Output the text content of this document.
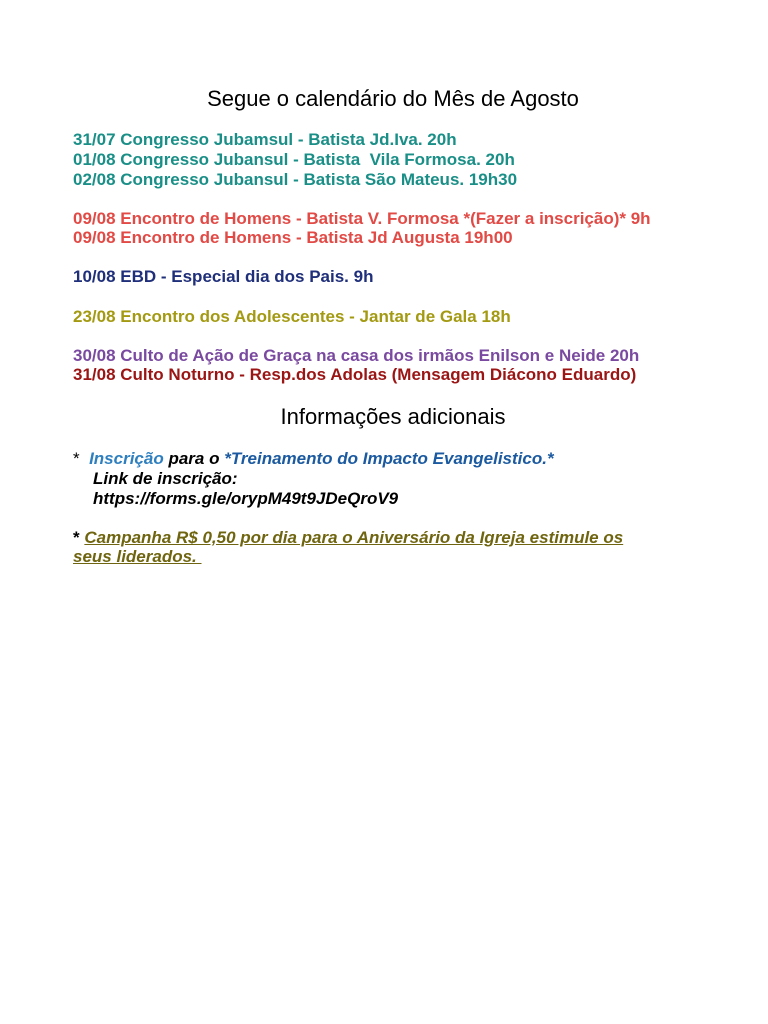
Segue o calendário do Mês de Agosto
31/07 Congresso Jubamsul - Batista Jd.Iva. 20h
01/08 Congresso Jubansul - Batista  Vila Formosa. 20h
02/08 Congresso Jubansul - Batista São Mateus. 19h30
09/08 Encontro de Homens - Batista V. Formosa *(Fazer a inscrição)* 9h
09/08 Encontro de Homens - Batista Jd Augusta 19h00
10/08 EBD - Especial dia dos Pais. 9h
23/08 Encontro dos Adolescentes - Jantar de Gala 18h
30/08 Culto de Ação de Graça na casa dos irmãos Enilson e Neide 20h
31/08 Culto Noturno - Resp.dos Adolas (Mensagem Diácono Eduardo)
Informações adicionais
* Inscrição para o *Treinamento do Impacto Evangelistico.*
Link de inscrição:
https://forms.gle/orypM49t9JDeQroV9
* Campanha R$ 0,50 por dia para o Aniversário da Igreja estimule os
seus liderados.
